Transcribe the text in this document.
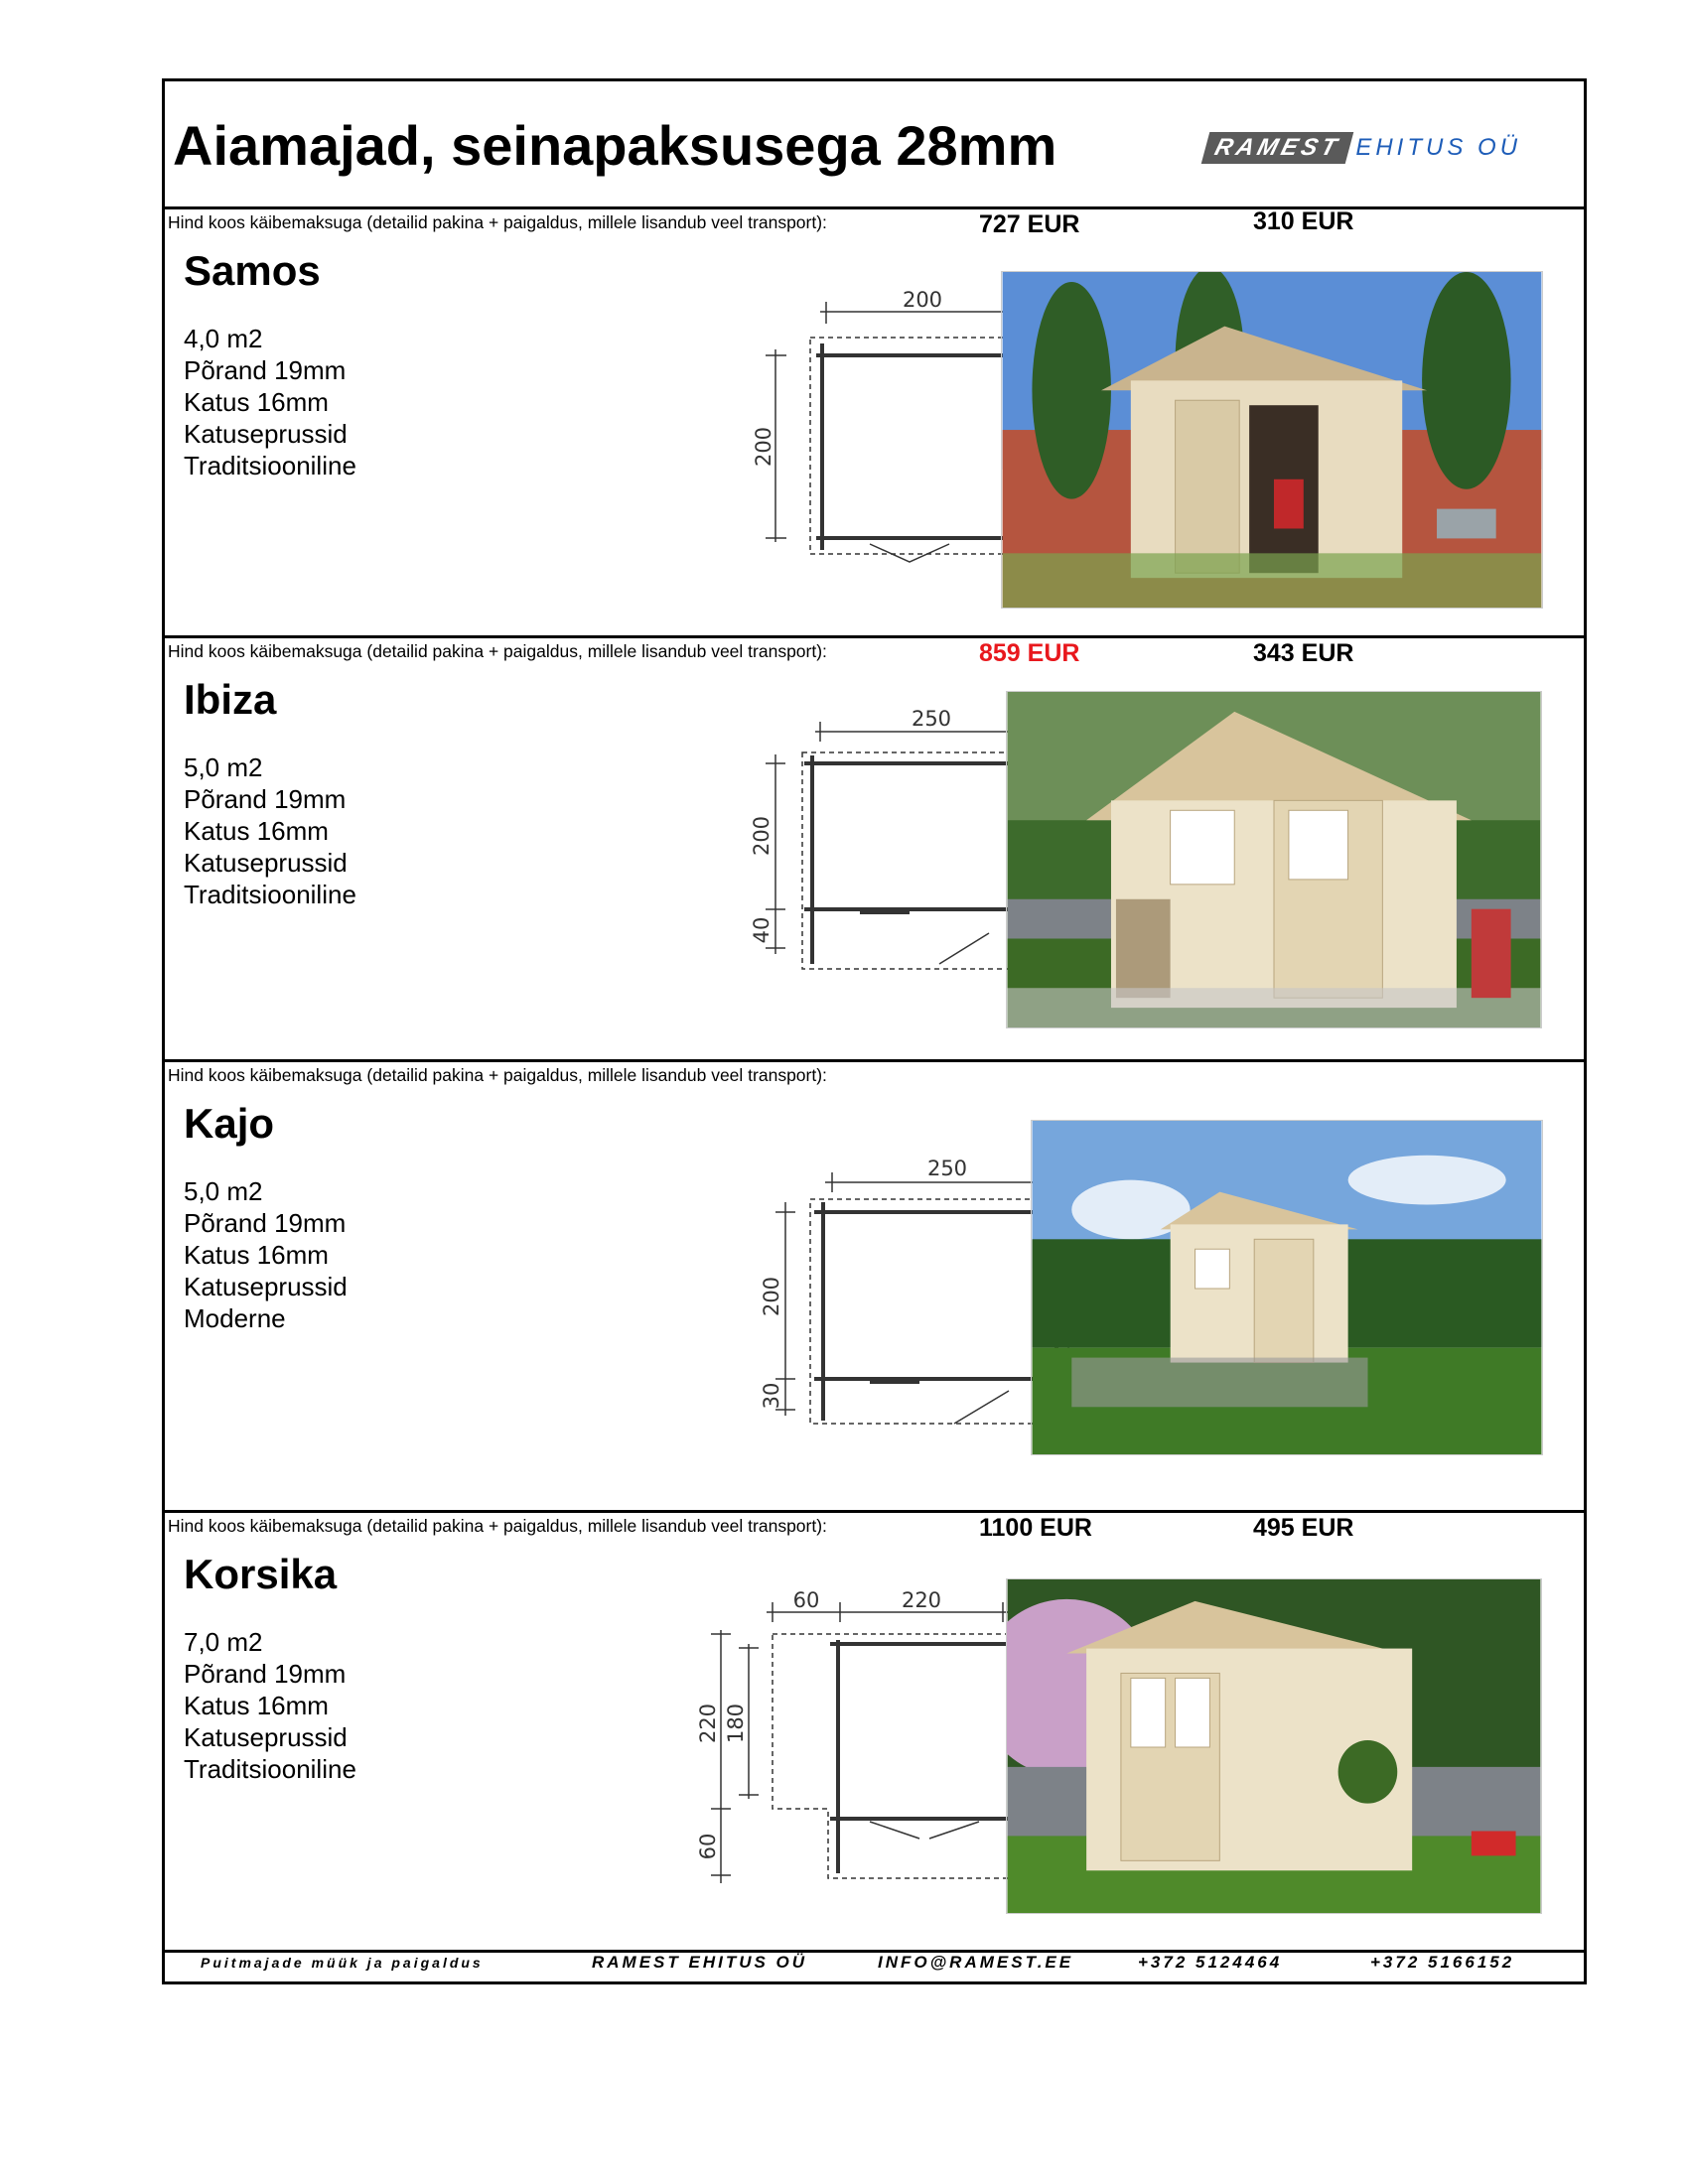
Aiamajad, seinapaksusega 28mm	RAMEST EHITUS OÜ
Hind koos käibemaksuga (detailid pakina + paigaldus, millele lisandub veel transport):	727 EUR	310 EUR
Samos
4,0 m2
Põrand 19mm
Katus 16mm
Katuseprussid
Traditsiooniline
200
200
Hind koos käibemaksuga (detailid pakina + paigaldus, millele lisandub veel transport):	859 EUR	343 EUR
Ibiza
5,0 m2
Põrand 19mm
Katus 16mm
Katuseprussid
Traditsiooniline
250
200
40
Hind koos käibemaksuga (detailid pakina + paigaldus, millele lisandub veel transport):
Kajo
5,0 m2
Põrand 19mm
Katus 16mm
Katuseprussid
Moderne
250
200
30
Hind koos käibemaksuga (detailid pakina + paigaldus, millele lisandub veel transport):	1100 EUR	495 EUR
Korsika
7,0 m2
Põrand 19mm
Katus 16mm
Katuseprussid
Traditsiooniline
60	220
220 180
60
Puitmajade müük ja paigaldus	RAMEST EHITUS OÜ	INFO@RAMEST.EE	+372 5124464	+372 5166152
